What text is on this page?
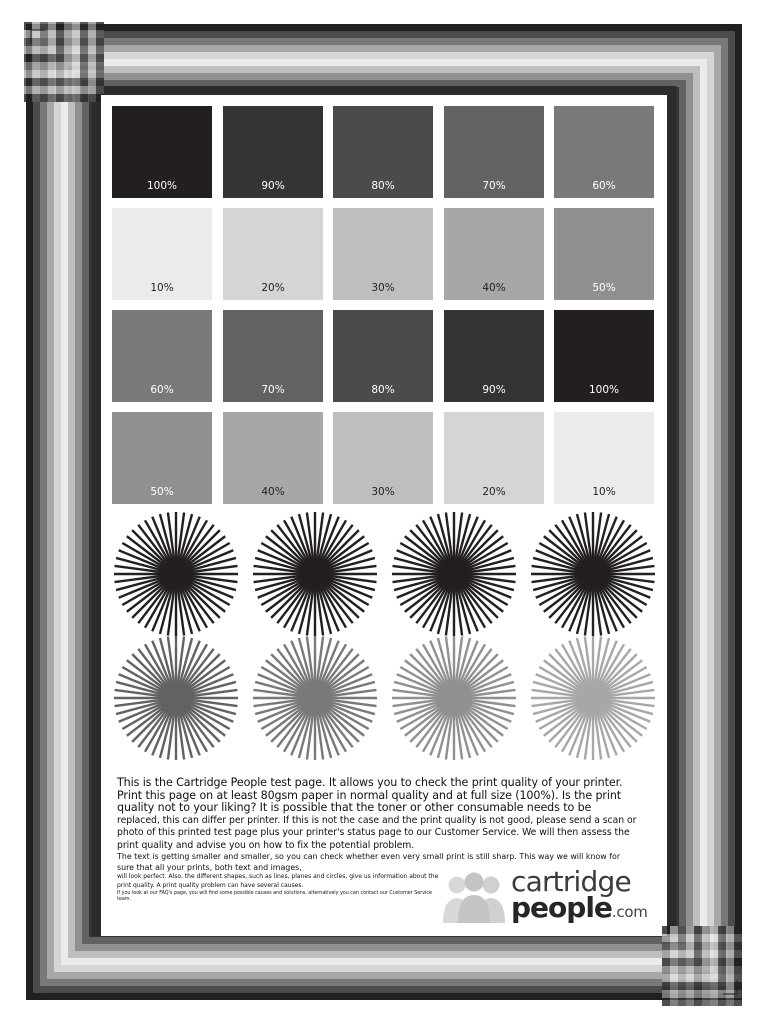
100%	90%	80%	70%	60%
10%	20%	30%	40%	50%
60%	70%	80%	90%	100%
50%	40%	30%	20%	10%

This is the Cartridge People test page. It allows you to check the print quality of your printer. Print this page on at least 80gsm paper in normal quality and at full size (100%). Is the print quality not to your liking? It is possible that the toner or other consumable needs to be

replaced, this can differ per printer. If this is not the case and the print quality is not good, please send a scan or photo of this printed test page plus your printer's status page to our Customer Service. We will then assess the print quality and advise you on how to fix the potential problem.

The text is getting smaller and smaller, so you can check whether even very small print is still sharp. This way we will know for sure that all your prints, both text and images,

will look perfect. Also, the different shapes, such as lines, planes and circles, give us information about the print quality. A print quality problem can have several causes.

If you look at our FAQ's page, you will find some possible causes and solutions, alternatively you can contact our Customer Service team.

cartridge
people.com
